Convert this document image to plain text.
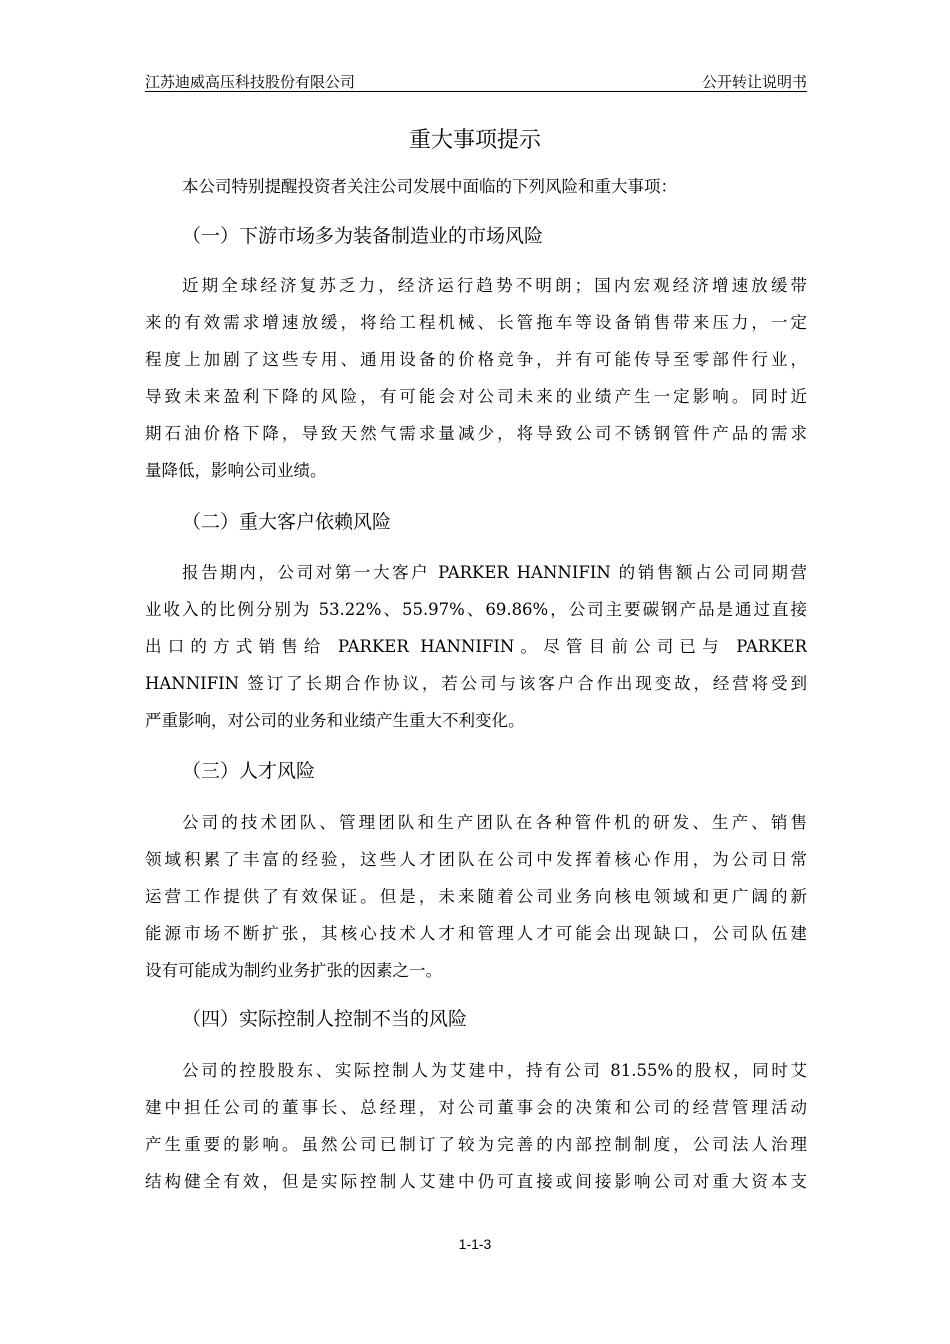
江苏迪威高压科技股份有限公司	公开转让说明书
重大事项提示
本公司特别提醒投资者关注公司发展中面临的下列风险和重大事项：
（一）下游市场多为装备制造业的市场风险
近期全球经济复苏乏力，经济运行趋势不明朗；国内宏观经济增速放缓带
来的有效需求增速放缓，将给工程机械、长管拖车等设备销售带来压力，一定
程度上加剧了这些专用、通用设备的价格竞争，并有可能传导至零部件行业，
导致未来盈利下降的风险，有可能会对公司未来的业绩产生一定影响。同时近
期石油价格下降，导致天然气需求量减少，将导致公司不锈钢管件产品的需求
量降低，影响公司业绩。
（二）重大客户依赖风险
报告期内，公司对第一大客户 PARKER HANNIFIN 的销售额占公司同期营
业收入的比例分别为 53.22%、55.97%、69.86%，公司主要碳钢产品是通过直接
出口的方式销售给 PARKER HANNIFIN。尽管目前公司已与 PARKER
HANNIFIN 签订了长期合作协议，若公司与该客户合作出现变故，经营将受到
严重影响，对公司的业务和业绩产生重大不利变化。
（三）人才风险
公司的技术团队、管理团队和生产团队在各种管件机的研发、生产、销售
领域积累了丰富的经验，这些人才团队在公司中发挥着核心作用，为公司日常
运营工作提供了有效保证。但是，未来随着公司业务向核电领域和更广阔的新
能源市场不断扩张，其核心技术人才和管理人才可能会出现缺口，公司队伍建
设有可能成为制约业务扩张的因素之一。
（四）实际控制人控制不当的风险
公司的控股股东、实际控制人为艾建中，持有公司 81.55%的股权，同时艾
建中担任公司的董事长、总经理，对公司董事会的决策和公司的经营管理活动
产生重要的影响。虽然公司已制订了较为完善的内部控制制度，公司法人治理
结构健全有效，但是实际控制人艾建中仍可直接或间接影响公司对重大资本支
1-1-3
